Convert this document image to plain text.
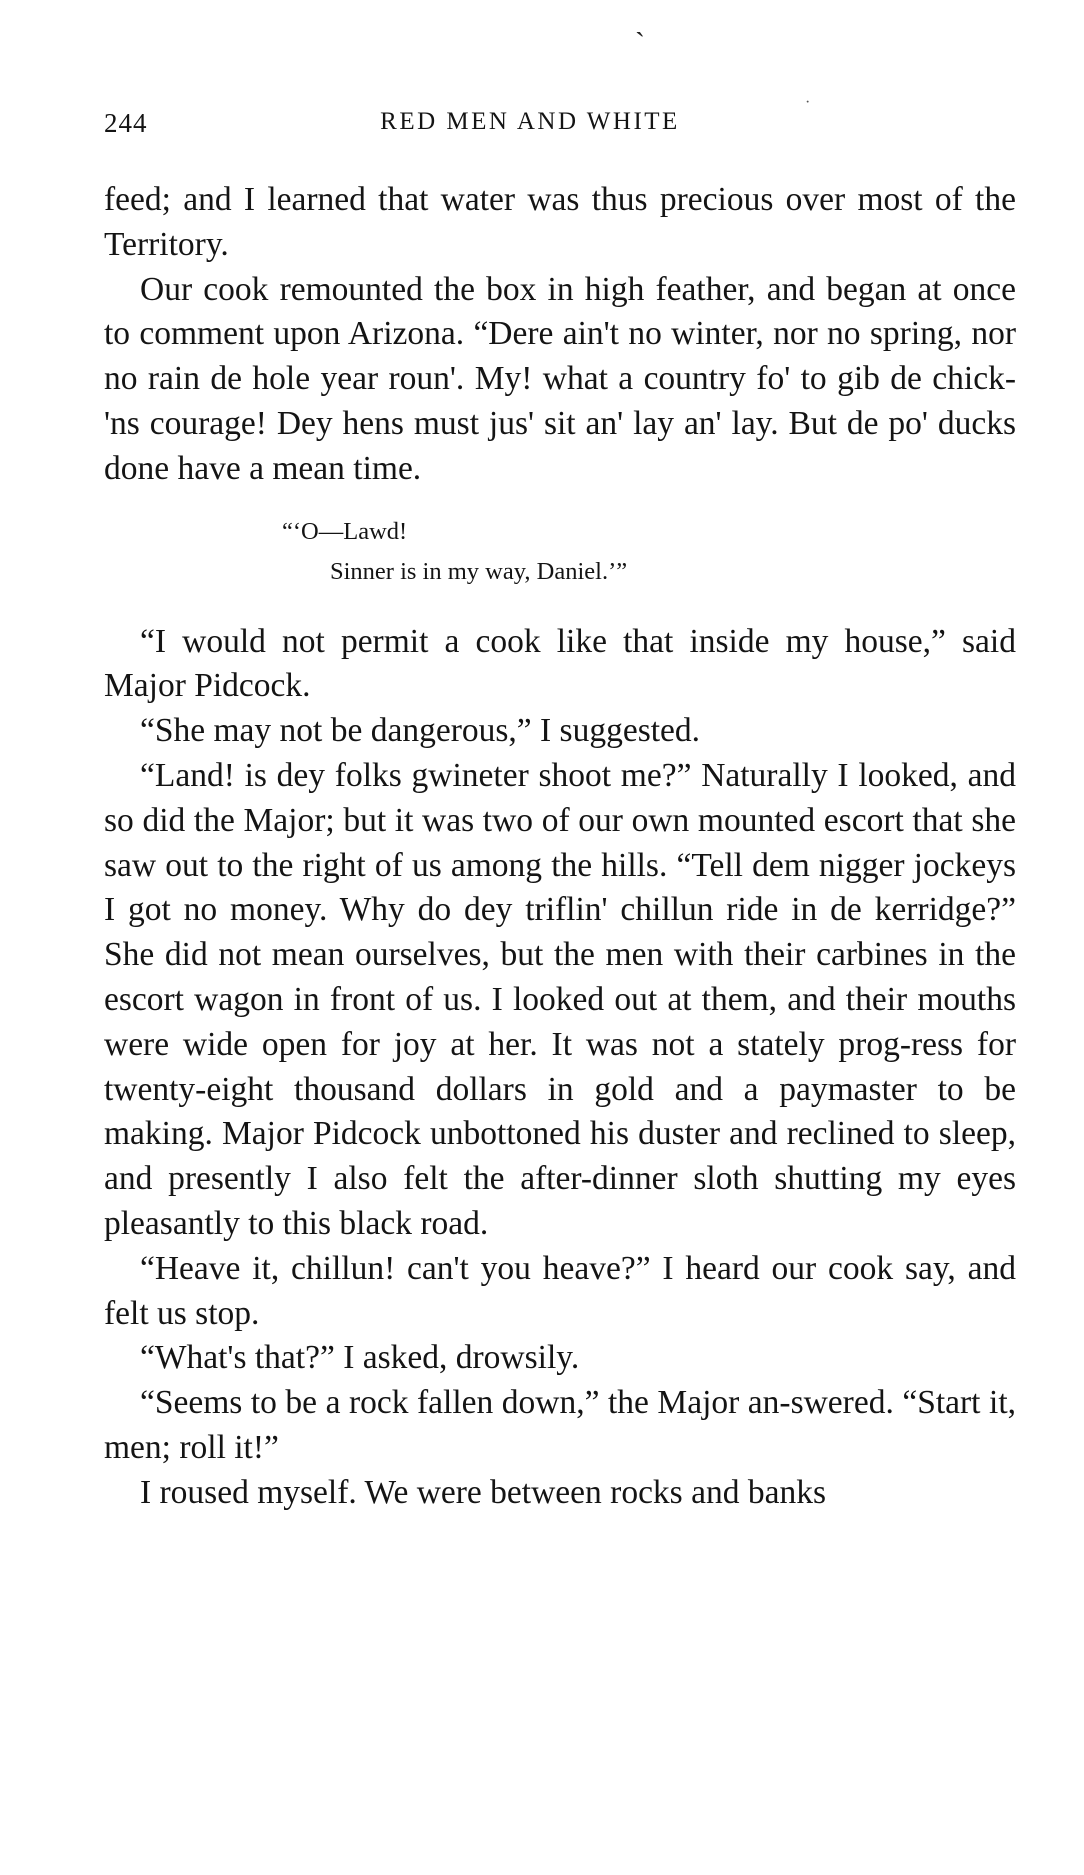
ˎ
·
244	RED MEN AND WHITE

feed; and I learned that water was thus precious over most of the Territory.

Our cook remounted the box in high feather, and began at once to comment upon Arizona. “Dere ain't no winter, nor no spring, nor no rain de hole year roun'. My! what a country fo' to gib de chick-'ns courage! Dey hens must jus' sit an' lay an' lay. But de po' ducks done have a mean time.

“‘O—Lawd!
Sinner is in my way, Daniel.’”

“I would not permit a cook like that inside my house,” said Major Pidcock.

“She may not be dangerous,” I suggested.

“Land! is dey folks gwineter shoot me?” Naturally I looked, and so did the Major; but it was two of our own mounted escort that she saw out to the right of us among the hills. “Tell dem nigger jockeys I got no money. Why do dey triflin' chillun ride in de kerridge?” She did not mean ourselves, but the men with their carbines in the escort wagon in front of us. I looked out at them, and their mouths were wide open for joy at her. It was not a stately prog-ress for twenty-eight thousand dollars in gold and a paymaster to be making. Major Pidcock unbottoned his duster and reclined to sleep, and presently I also felt the after-dinner sloth shutting my eyes pleasantly to this black road.

“Heave it, chillun! can't you heave?” I heard our cook say, and felt us stop.

“What's that?” I asked, drowsily.

“Seems to be a rock fallen down,” the Major an-swered. “Start it, men; roll it!”

I roused myself. We were between rocks and banks
